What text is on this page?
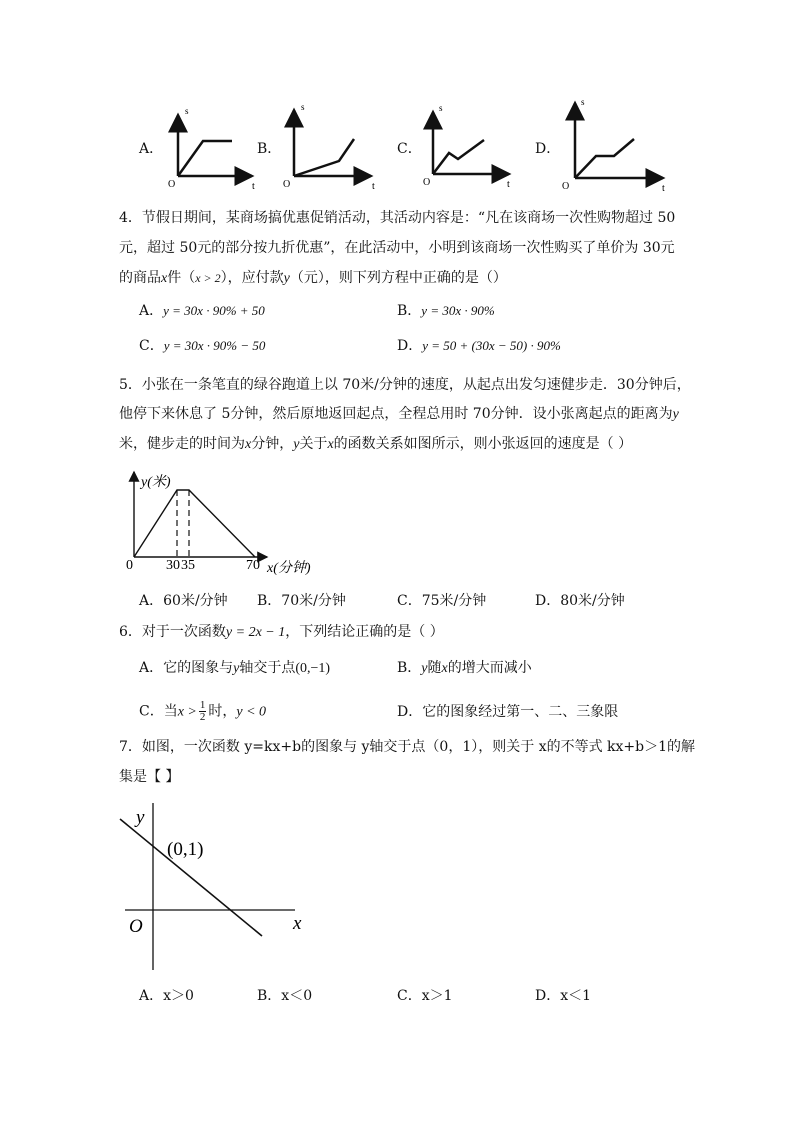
A．	B．	C．	D．
s
t
O
s
t
O
s
t
O
s
t
O
4．节假日期间，某商场搞优惠促销活动，其活动内容是：“凡在该商场一次性购物超过 50
元，超过 50元的部分按九折优惠”，在此活动中，小明到该商场一次性购买了单价为 30元
的商品x件（x > 2），应付款y（元），则下列方程中正确的是（）
A．y = 30x · 90% + 50	B．y = 30x · 90%
C．y = 30x · 90% − 50	D．y = 50 + (30x − 50) · 90%
5．小张在一条笔直的绿谷跑道上以 70米/分钟的速度，从起点出发匀速健步走．30分钟后，
他停下来休息了 5分钟，然后原地返回起点，全程总用时 70分钟．设小张离起点的距离为y
米，健步走的时间为x分钟，y关于x的函数关系如图所示，则小张返回的速度是（ ）
y(米)
x(分钟)
0 30 35	70
A．60米/分钟 B．70米/分钟	C．75米/分钟	D．80米/分钟
6．对于一次函数y = 2x − 1，下列结论正确的是（ ）
A．它的图象与y轴交于点(0,−1)	B．y随x的增大而减小
C．当$x > \frac{1}{2}$ 时，y < 0	D．它的图象经过第一、二、三象限
7．如图，一次函数 y=kx+b的图象与 y轴交于点（0，1），则关于 x的不等式 kx+b＞1的解
集是【 】
y
x
O
(0,1)
A．x＞0	B．x＜0	C．x＞1	D．x＜1
